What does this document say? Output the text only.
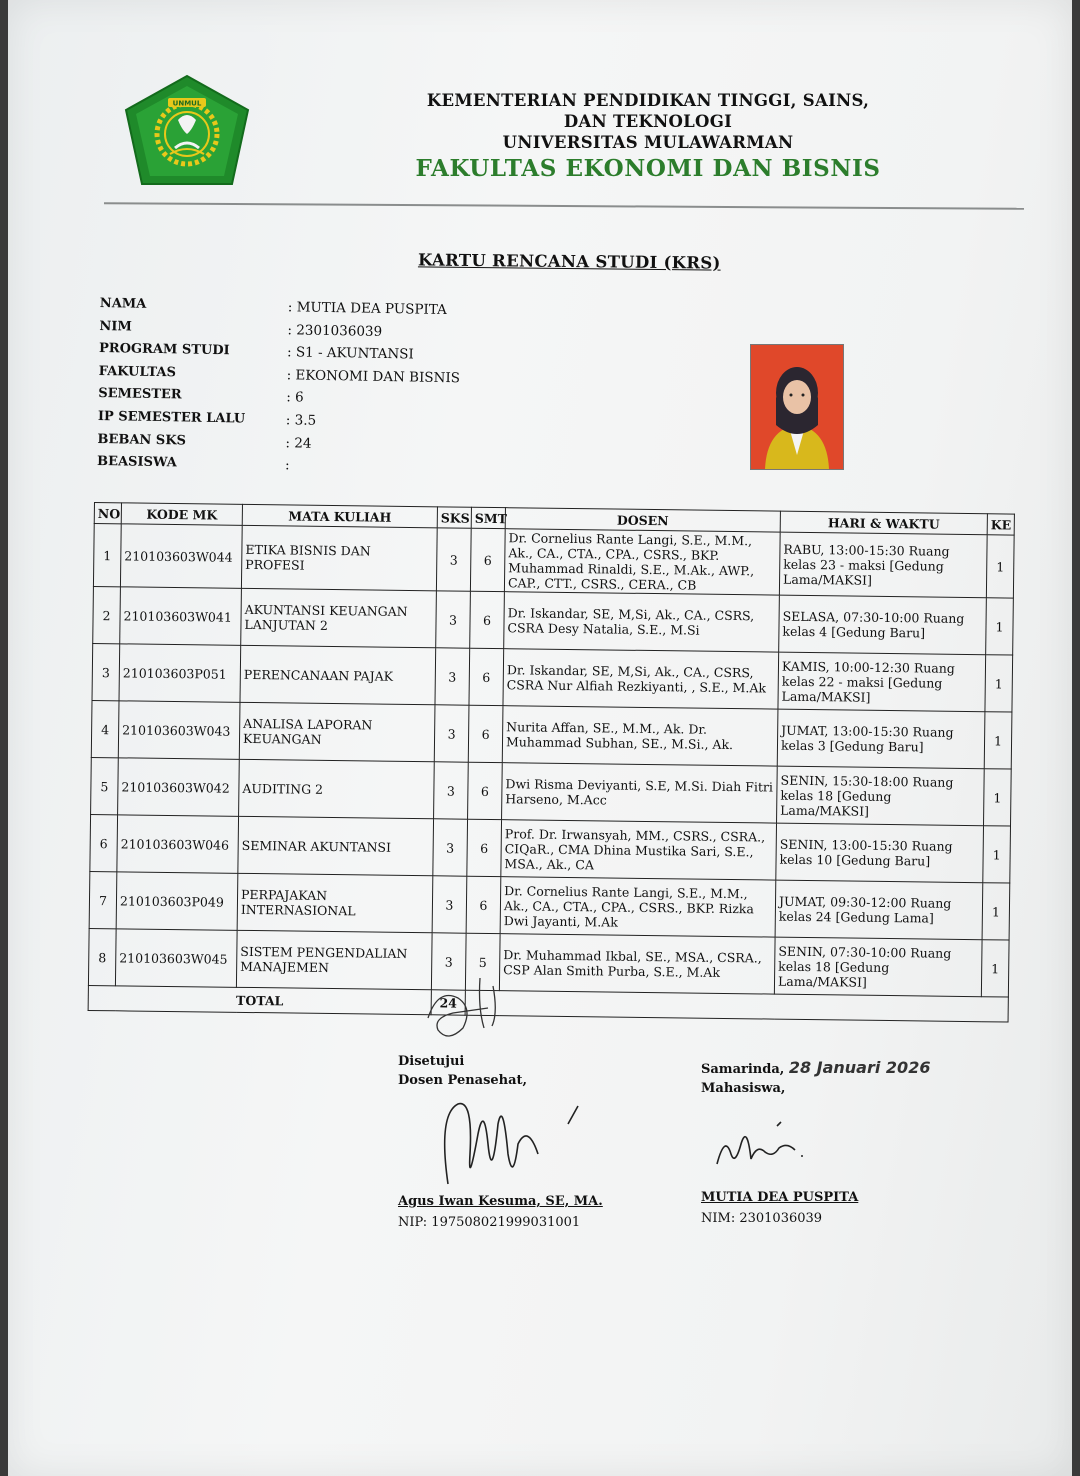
UNMUL	KEMENTERIAN PENDIDIKAN TINGGI, SAINS,
DAN TEKNOLOGI
UNIVERSITAS MULAWARMAN
FAKULTAS EKONOMI DAN BISNIS
KARTU RENCANA STUDI (KRS)
NAMA	: MUTIA DEA PUSPITA
NIM	: 2301036039
PROGRAM STUDI	: S1 - AKUNTANSI
FAKULTAS	: EKONOMI DAN BISNIS
SEMESTER	: 6
IP SEMESTER LALU	: 3.5
BEBAN SKS	: 24
BEASISWA	:
NO	KODE MK	MATA KULIAH	SKS	SMT	DOSEN	HARI & WAKTU	KE
1	210103603W044	ETIKA BISNIS DAN PROFESI	3	6	Dr. Cornelius Rante Langi, S.E., M.M., Ak., CA., CTA., CPA., CSRS., BKP. Muhammad Rinaldi, S.E., M.Ak., AWP., CAP., CTT., CSRS., CERA., CB	RABU, 13:00-15:30 Ruang kelas 23 - maksi [Gedung Lama/MAKSI]	1
2	210103603W041	AKUNTANSI KEUANGAN LANJUTAN 2	3	6	Dr. Iskandar, SE, M,Si, Ak., CA., CSRS, CSRA Desy Natalia, S.E., M.Si	SELASA, 07:30-10:00 Ruang kelas 4 [Gedung Baru]	1
3	210103603P051	PERENCANAAN PAJAK	3	6	Dr. Iskandar, SE, M,Si, Ak., CA., CSRS, CSRA Nur Alfiah Rezkiyanti, , S.E., M.Ak	KAMIS, 10:00-12:30 Ruang kelas 22 - maksi [Gedung Lama/MAKSI]	1
4	210103603W043	ANALISA LAPORAN KEUANGAN	3	6	Nurita Affan, SE., M.M., Ak. Dr. Muhammad Subhan, SE., M.Si., Ak.	JUMAT, 13:00-15:30 Ruang kelas 3 [Gedung Baru]	1
5	210103603W042	AUDITING 2	3	6	Dwi Risma Deviyanti, S.E, M.Si. Diah Fitri Harseno, M.Acc	SENIN, 15:30-18:00 Ruang kelas 18 [Gedung Lama/MAKSI]	1
6	210103603W046	SEMINAR AKUNTANSI	3	6	Prof. Dr. Irwansyah, MM., CSRS., CSRA., CIQaR., CMA Dhina Mustika Sari, S.E., MSA., Ak., CA	SENIN, 13:00-15:30 Ruang kelas 10 [Gedung Baru]	1
7	210103603P049	PERPAJAKAN INTERNASIONAL	3	6	Dr. Cornelius Rante Langi, S.E., M.M., Ak., CA., CTA., CPA., CSRS., BKP. Rizka Dwi Jayanti, M.Ak	JUMAT, 09:30-12:00 Ruang kelas 24 [Gedung Lama]	1
8	210103603W045	SISTEM PENGENDALIAN MANAJEMEN	3	5	Dr. Muhammad Ikbal, SE., MSA., CSRA., CSP Alan Smith Purba, S.E., M.Ak	SENIN, 07:30-10:00 Ruang kelas 18 [Gedung Lama/MAKSI]	1
TOTAL			24				
Disetujui
Dosen Penasehat,
Agus Iwan Kesuma, SE, MA.
NIP: 197508021999031001
Samarinda, 28 Januari 2026
Mahasiswa,
MUTIA DEA PUSPITA
NIM: 2301036039
